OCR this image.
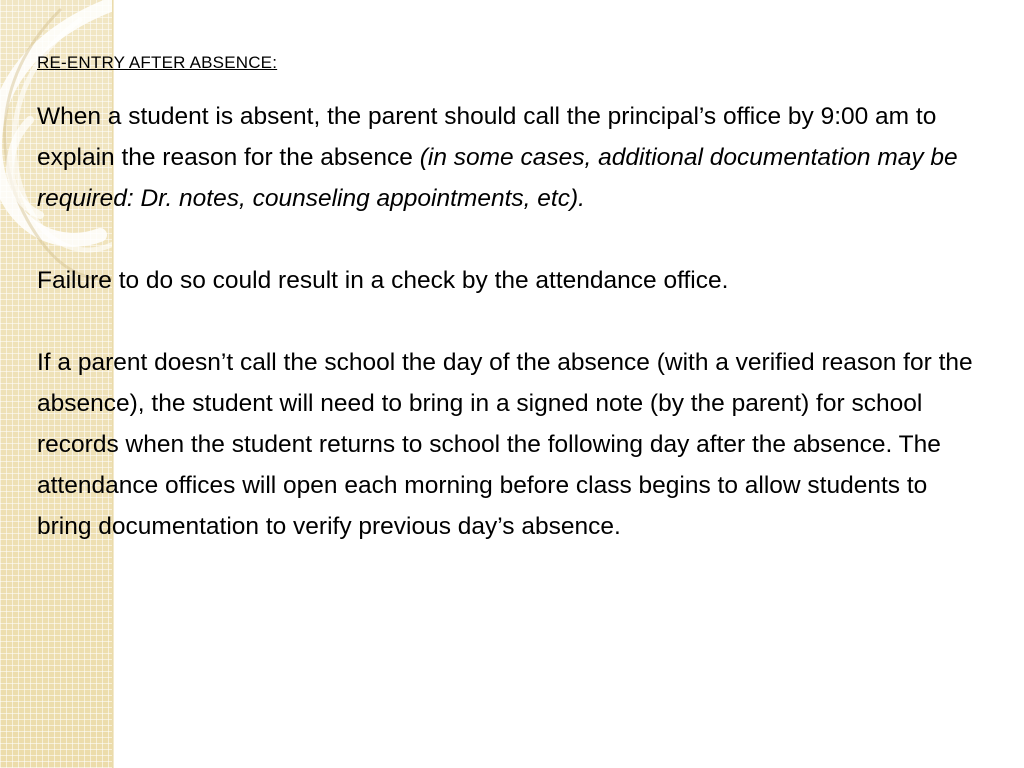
RE-ENTRY AFTER ABSENCE:

When a student is absent, the parent should call the principal’s office by 9:00 am to explain the reason for the absence (in some cases, additional documentation may be required: Dr. notes, counseling appointments, etc).

Failure to do so could result in a check by the attendance office.

If a parent doesn’t call the school the day of the absence (with a verified reason for the absence), the student will need to bring in a signed note (by the parent) for school records when the student returns to school the following day after the absence. The attendance offices will open each morning before class begins to allow students to bring documentation to verify previous day’s absence.
